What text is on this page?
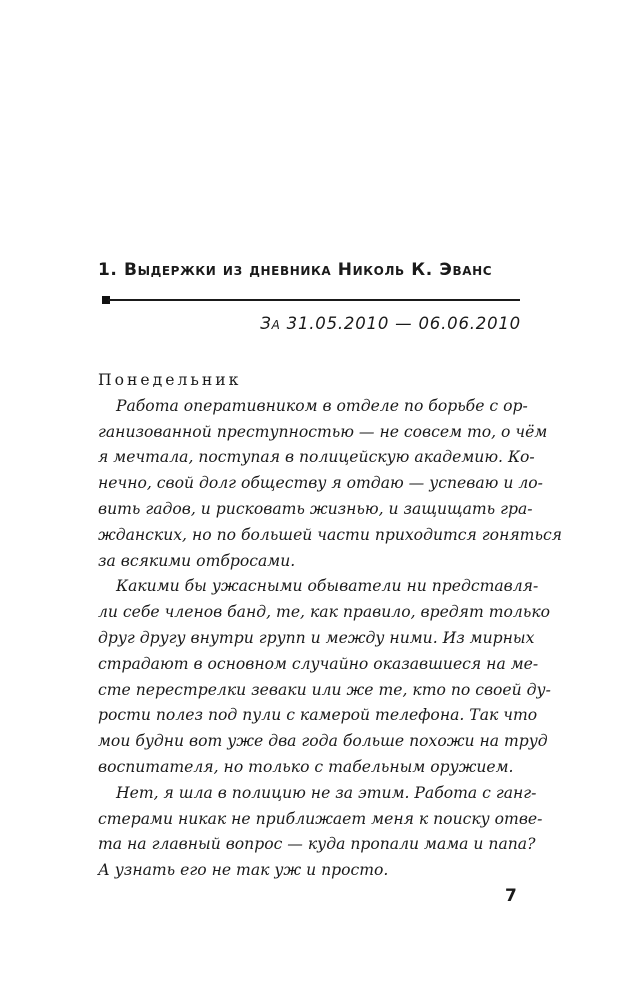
1. Выдержки из дневника Николь К. Эванс
За 31.05.2010 — 06.06.2010
Понедельник
Работа оперативником в отделе по борьбе с ор-
ганизованной преступностью — не совсем то, о чём
я мечтала, поступая в полицейскую академию. Ко-
нечно, свой долг обществу я отдаю — успеваю и ло-
вить гадов, и рисковать жизнью, и защищать гра-
жданских, но по большей части приходится гоняться
за всякими отбросами.
Какими бы ужасными обыватели ни представля-
ли себе членов банд, те, как правило, вредят только
друг другу внутри групп и между ними. Из мирных
страдают в основном случайно оказавшиеся на ме-
сте перестрелки зеваки или же те, кто по своей ду-
рости полез под пули с камерой телефона. Так что
мои будни вот уже два года больше похожи на труд
воспитателя, но только с табельным оружием.
Нет, я шла в полицию не за этим. Работа с ганг-
стерами никак не приближает меня к поиску отве-
та на главный вопрос — куда пропали мама и папа?
А узнать его не так уж и просто.
7
